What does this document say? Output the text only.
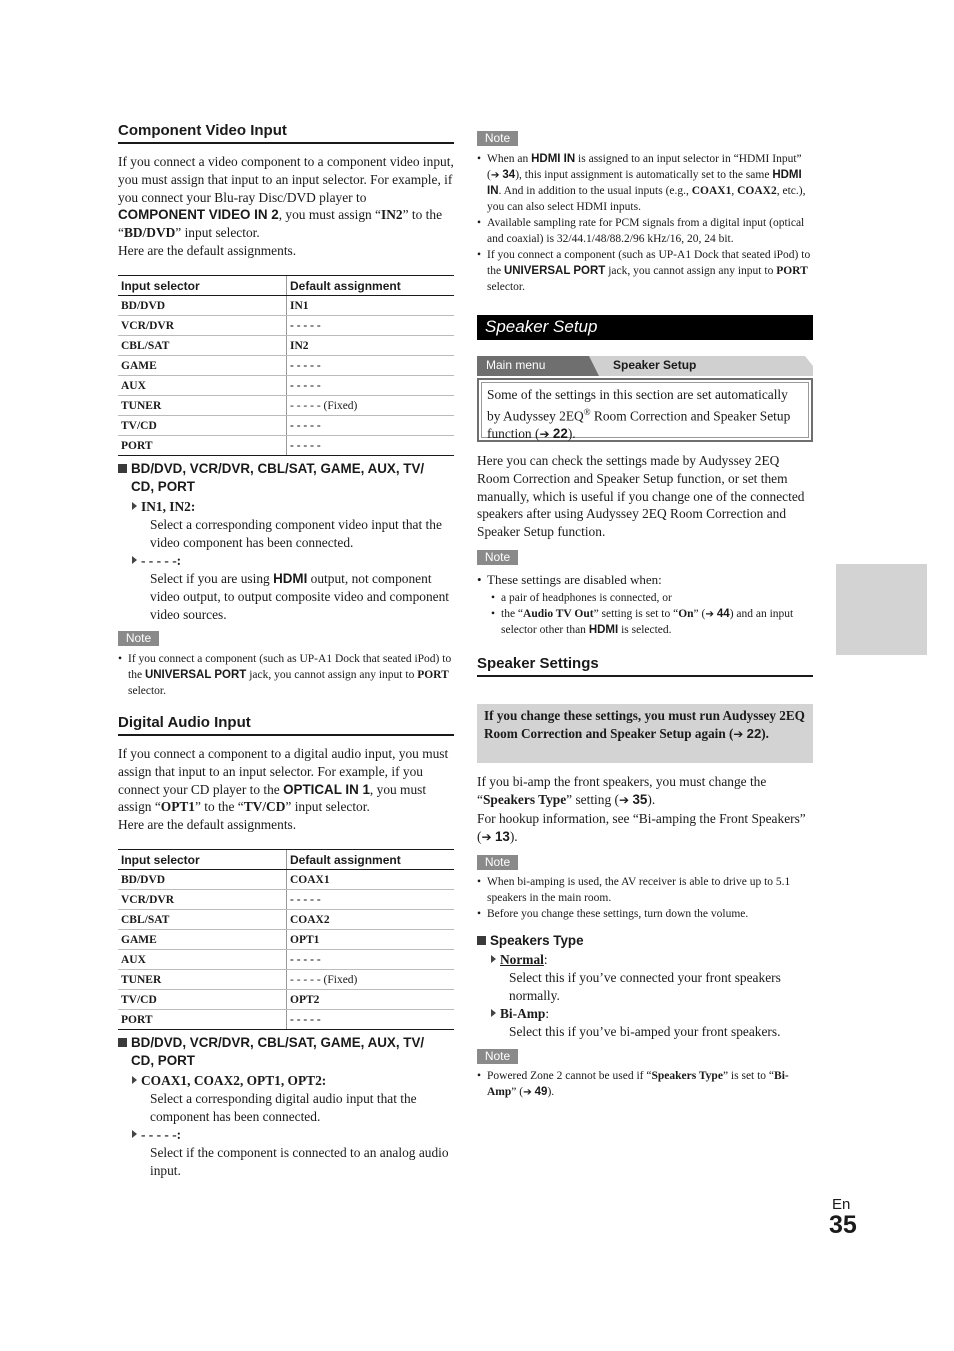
Component Video Input

If you connect a video component to a component video input, you must assign that input to an input selector. For example, if you connect your Blu-ray Disc/DVD player to COMPONENT VIDEO IN 2, you must assign “IN2” to the “BD/DVD” input selector.
Here are the default assignments.

Input selector	Default assignment
BD/DVD	IN1
VCR/DVR	- - - - -
CBL/SAT	IN2
GAME	- - - - -
AUX	- - - - -
TUNER	- - - - - (Fixed)
TV/CD	- - - - -
PORT	- - - - -
BD/DVD, VCR/DVR, CBL/SAT, GAME, AUX, TV/
CD, PORT
IN1, IN2:
Select a corresponding component video input that the video component has been connected.
- - - - -:
Select if you are using HDMI output, not component video output, to output composite video and component video sources.
Note
• If you connect a component (such as UP-A1 Dock that seated iPod) to the UNIVERSAL PORT jack, you cannot assign any input to PORT selector.
Digital Audio Input

If you connect a component to a digital audio input, you must assign that input to an input selector. For example, if you connect your CD player to the OPTICAL IN 1, you must assign “OPT1” to the “TV/CD” input selector.
Here are the default assignments.

Input selector	Default assignment
BD/DVD	COAX1
VCR/DVR	- - - - -
CBL/SAT	COAX2
GAME	OPT1
AUX	- - - - -
TUNER	- - - - - (Fixed)
TV/CD	OPT2
PORT	- - - - -
BD/DVD, VCR/DVR, CBL/SAT, GAME, AUX, TV/
CD, PORT
COAX1, COAX2, OPT1, OPT2:
Select a corresponding digital audio input that the component has been connected.
- - - - -:
Select if the component is connected to an analog audio input.
Note
• When an HDMI IN is assigned to an input selector in “HDMI Input” (➔ 34), this input assignment is automatically set to the same HDMI IN. And in addition to the usual inputs (e.g., COAX1, COAX2, etc.), you can also select HDMI inputs.
• Available sampling rate for PCM signals from a digital input (optical and coaxial) is 32/44.1/48/88.2/96 kHz/16, 20, 24 bit.
• If you connect a component (such as UP-A1 Dock that seated iPod) to the UNIVERSAL PORT jack, you cannot assign any input to PORT selector.
Speaker Setup
Main menu	Speaker Setup
Some of the settings in this section are set automatically by Audyssey 2EQ® Room Correction and Speaker Setup function (➔ 22).

Here you can check the settings made by Audyssey 2EQ Room Correction and Speaker Setup function, or set them manually, which is useful if you change one of the connected speakers after using Audyssey 2EQ Room Correction and Speaker Setup function.

Note
• These settings are disabled when:
• a pair of headphones is connected, or
• the “Audio TV Out” setting is set to “On” (➔ 44) and an input selector other than HDMI is selected.
Speaker Settings
If you change these settings, you must run Audyssey 2EQ Room Correction and Speaker Setup again (➔ 22).

If you bi-amp the front speakers, you must change the “Speakers Type” setting (➔ 35).

For hookup information, see “Bi-amping the Front Speakers” (➔ 13).

Note
• When bi-amping is used, the AV receiver is able to drive up to 5.1 speakers in the main room.
• Before you change these settings, turn down the volume.
Speakers Type
Normal:
Select this if you’ve connected your front speakers normally.
Bi-Amp:
Select this if you’ve bi-amped your front speakers.
Note
• Powered Zone 2 cannot be used if “Speakers Type” is set to “Bi-Amp” (➔ 49).
En
35
